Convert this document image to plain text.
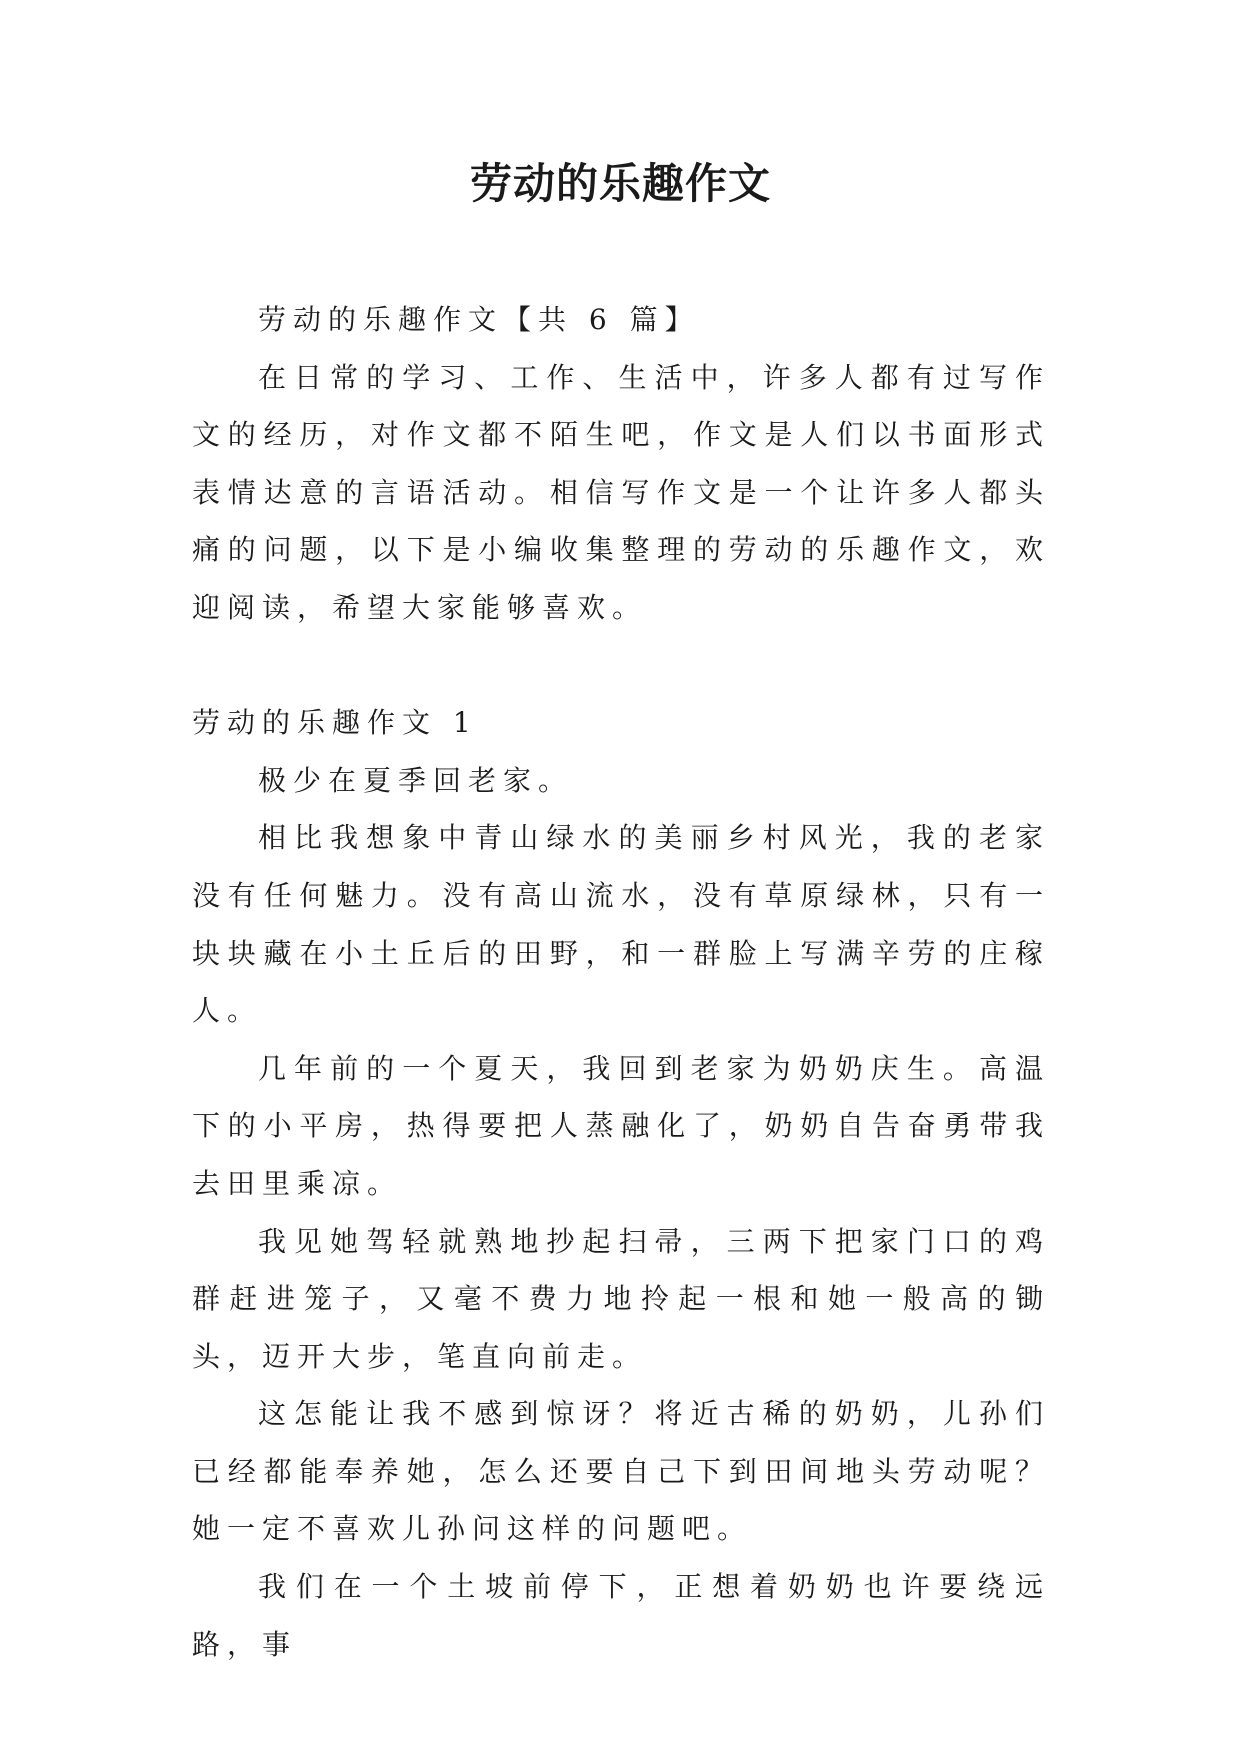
劳动的乐趣作文

劳动的乐趣作文【共 6 篇】

在日常的学习、工作、生活中，许多人都有过写作文的经历，对作文都不陌生吧，作文是人们以书面形式表情达意的言语活动。相信写作文是一个让许多人都头痛的问题，以下是小编收集整理的劳动的乐趣作文，欢迎阅读，希望大家能够喜欢。

劳动的乐趣作文 1

极少在夏季回老家。

相比我想象中青山绿水的美丽乡村风光，我的老家没有任何魅力。没有高山流水，没有草原绿林，只有一块块藏在小土丘后的田野，和一群脸上写满辛劳的庄稼人。

几年前的一个夏天，我回到老家为奶奶庆生。高温下的小平房，热得要把人蒸融化了，奶奶自告奋勇带我去田里乘凉。

我见她驾轻就熟地抄起扫帚，三两下把家门口的鸡群赶进笼子，又毫不费力地拎起一根和她一般高的锄头，迈开大步，笔直向前走。

这怎能让我不感到惊讶？将近古稀的奶奶，儿孙们已经都能奉养她，怎么还要自己下到田间地头劳动呢？她一定不喜欢儿孙问这样的问题吧。

我们在一个土坡前停下，正想着奶奶也许要绕远路，事
